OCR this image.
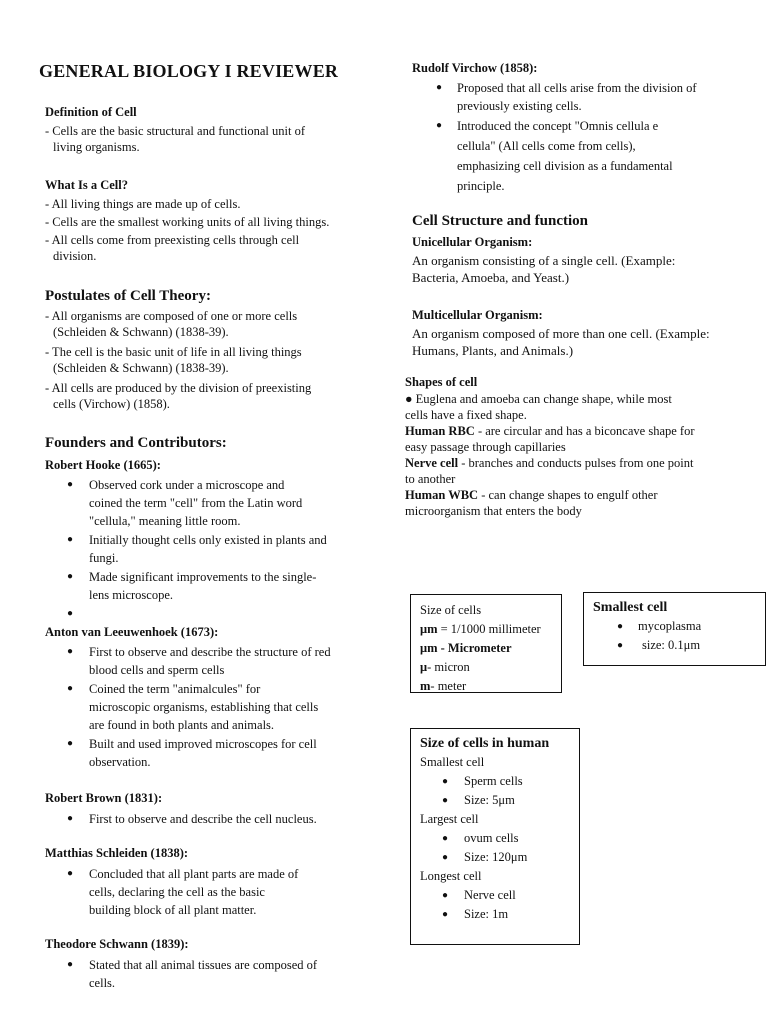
GENERAL BIOLOGY I REVIEWER
Definition of Cell
- Cells are the basic structural and functional unit of
living organisms.
What Is a Cell?
- All living things are made up of cells.
- Cells are the smallest working units of all living things.
- All cells come from preexisting cells through cell
division.
Postulates of Cell Theory:
- All organisms are composed of one or more cells
(Schleiden & Schwann) (1838-39).
- The cell is the basic unit of life in all living things
(Schleiden & Schwann) (1838-39).
- All cells are produced by the division of preexisting
cells (Virchow) (1858).
Founders and Contributors:
Robert Hooke (1665):
● Observed cork under a microscope and
coined the term "cell" from the Latin word
"cellula," meaning little room.
● Initially thought cells only existed in plants and
fungi.
● Made significant improvements to the single-
lens microscope.
●

Anton van Leeuwenhoek (1673):
● First to observe and describe the structure of red
blood cells and sperm cells
● Coined the term "animalcules" for
microscopic organisms, establishing that cells
are found in both plants and animals.
● Built and used improved microscopes for cell
observation.
Robert Brown (1831):
● First to observe and describe the cell nucleus.
Matthias Schleiden (1838):
● Concluded that all plant parts are made of
cells, declaring the cell as the basic
building block of all plant matter.
Theodore Schwann (1839):
● Stated that all animal tissues are composed of
cells.
Rudolf Virchow (1858):
● Proposed that all cells arise from the division of
previously existing cells.
● Introduced the concept "Omnis cellula e
cellula" (All cells come from cells),
emphasizing cell division as a fundamental
principle.
Cell Structure and function
Unicellular Organism:
An organism consisting of a single cell. (Example:
Bacteria, Amoeba, and Yeast.)
Multicellular Organism:
An organism composed of more than one cell. (Example:
Humans, Plants, and Animals.)
Shapes of cell
● Euglena and amoeba can change shape, while most
cells have a fixed shape.
Human RBC - are circular and has a biconcave shape for
easy passage through capillaries
Nerve cell - branches and conducts pulses from one point
to another
Human WBC - can change shapes to engulf other
microorganism that enters the body
Size of cells
μm = 1/1000 millimeter
μm - Micrometer
μ- micron
m- meter
Smallest cell
● mycoplasma
● size: 0.1μm
Size of cells in human
Smallest cell
● Sperm cells
● Size: 5μm
Largest cell
● ovum cells
● Size: 120μm
Longest cell
● Nerve cell
● Size: 1m
